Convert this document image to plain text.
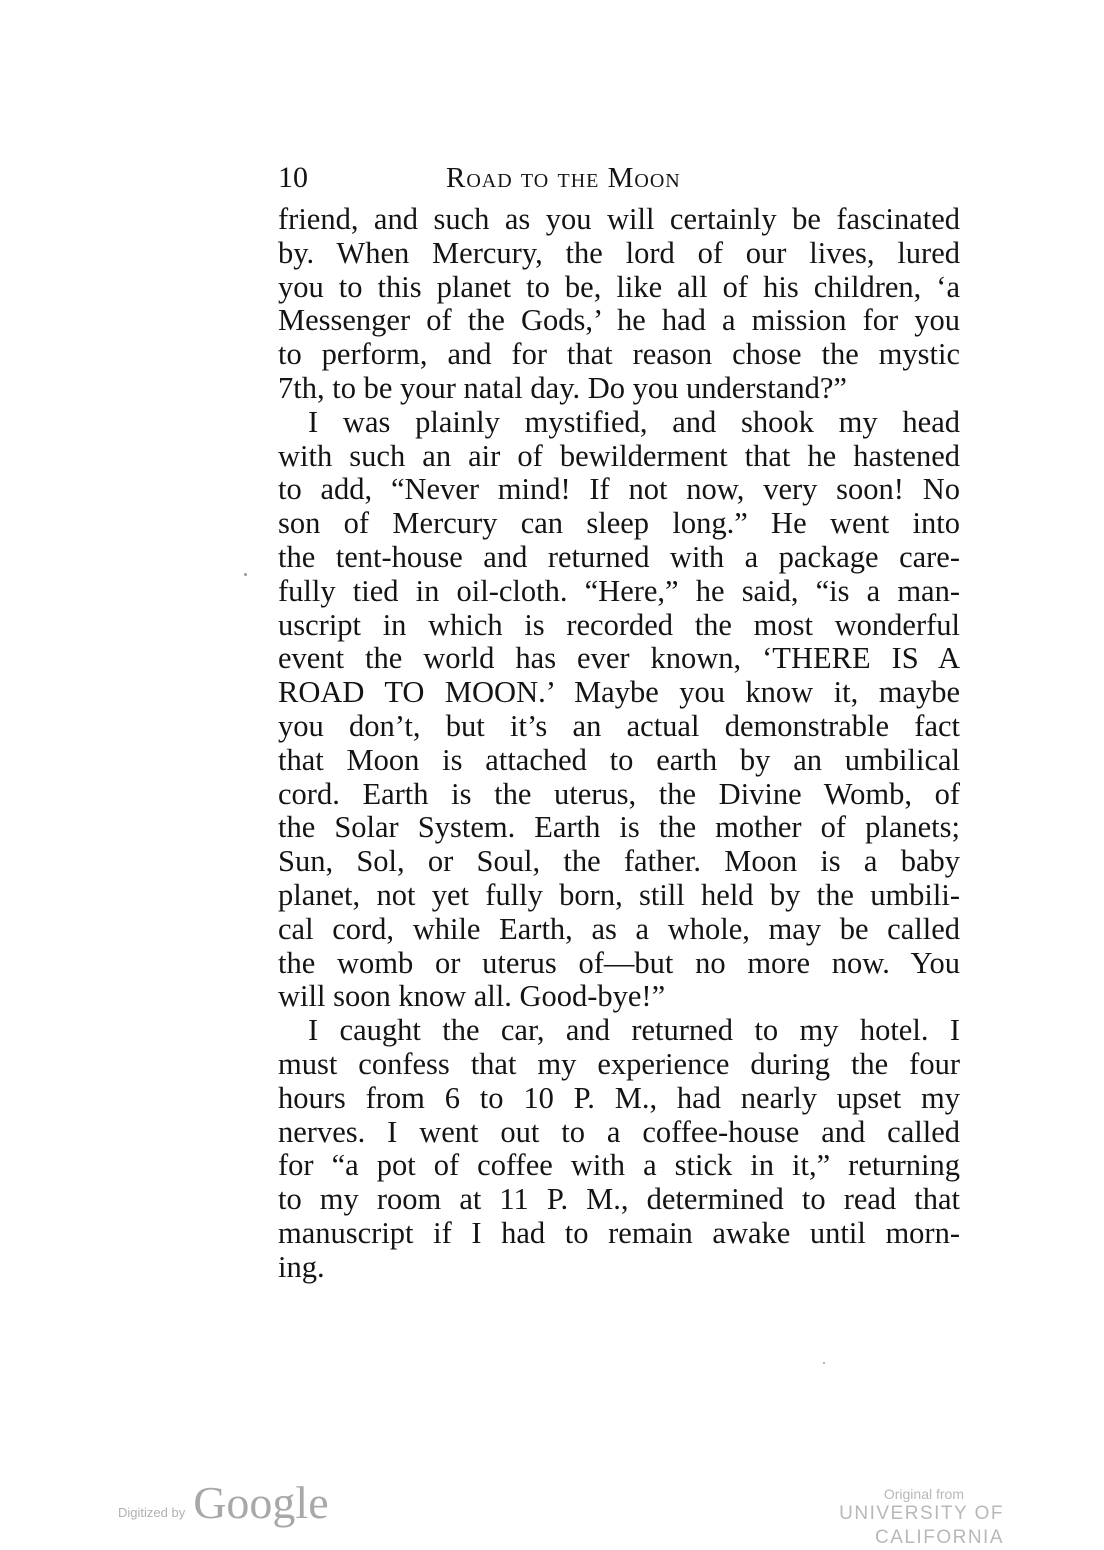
10	Road to the Moon
friend, and such as you will certainly be fascinated
by. When Mercury, the lord of our lives, lured
you to this planet to be, like all of his children, ‘a
Messenger of the Gods,’ he had a mission for you
to perform, and for that reason chose the mystic
7th, to be your natal day. Do you understand?”
I was plainly mystified, and shook my head
with such an air of bewilderment that he hastened
to add, “Never mind! If not now, very soon! No
son of Mercury can sleep long.” He went into
the tent-house and returned with a package care-
fully tied in oil-cloth. “Here,” he said, “is a man-
uscript in which is recorded the most wonderful
event the world has ever known, ‘THERE IS A
ROAD TO MOON.’ Maybe you know it, maybe
you don’t, but it’s an actual demonstrable fact
that Moon is attached to earth by an umbilical
cord. Earth is the uterus, the Divine Womb, of
the Solar System. Earth is the mother of planets;
Sun, Sol, or Soul, the father. Moon is a baby
planet, not yet fully born, still held by the umbili-
cal cord, while Earth, as a whole, may be called
the womb or uterus of—but no more now. You
will soon know all. Good-bye!”
I caught the car, and returned to my hotel. I
must confess that my experience during the four
hours from 6 to 10 P. M., had nearly upset my
nerves. I went out to a coffee-house and called
for “a pot of coffee with a stick in it,” returning
to my room at 11 P. M., determined to read that
manuscript if I had to remain awake until morn-
ing.
Digitized by Google	Original from
UNIVERSITY OF CALIFORNIA
